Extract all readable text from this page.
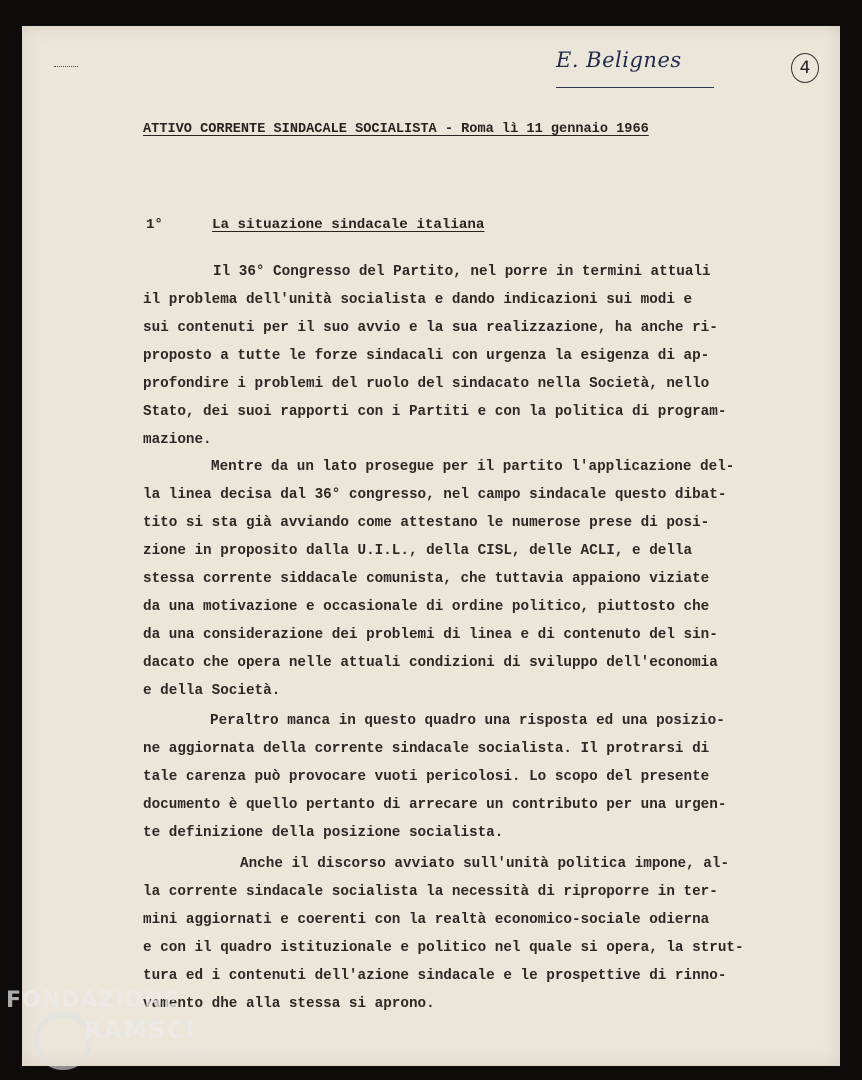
E. Belignes	4
ATTIVO CORRENTE SINDACALE SOCIALISTA - Roma lì 11 gennaio 1966
1°	La situazione sindacale italiana
Il 36° Congresso del Partito, nel porre in termini attuali
il problema dell'unità socialista e dando indicazioni sui modi e
sui contenuti per il suo avvio e la sua realizzazione, ha anche ri-
proposto a tutte le forze sindacali con urgenza la esigenza di ap-
profondire i problemi del ruolo del sindacato nella Società, nello
Stato, dei suoi rapporti con i Partiti e con la politica di program-
mazione.
Mentre da un lato prosegue per il partito l'applicazione del-
la linea decisa dal 36° congresso, nel campo sindacale questo dibat-
tito si sta già avviando come attestano le numerose prese di posi-
zione in proposito dalla U.I.L., della CISL, delle ACLI, e della
stessa corrente siddacale comunista, che tuttavia appaiono viziate
da una motivazione e occasionale di ordine politico, piuttosto che
da una considerazione dei problemi di linea e di contenuto del sin-
dacato che opera nelle attuali condizioni di sviluppo dell'economia
e della Società.
Peraltro manca in questo quadro una risposta ed una posizio-
ne aggiornata della corrente sindacale socialista. Il protrarsi di
tale carenza può provocare vuoti pericolosi. Lo scopo del presente
documento è quello pertanto di arrecare un contributo per una urgen-
te definizione della posizione socialista.
Anche il discorso avviato sull'unità politica impone, al-
la corrente sindacale socialista la necessità di riproporre in ter-
mini aggiornati e coerenti con la realtà economico-sociale odierna
e con il quadro istituzionale e politico nel quale si opera, la strut-
tura ed i contenuti dell'azione sindacale e le prospettive di rinno-
vamento dhe alla stessa si aprono.
FONDAZIONE
RAMSCI
onlus
